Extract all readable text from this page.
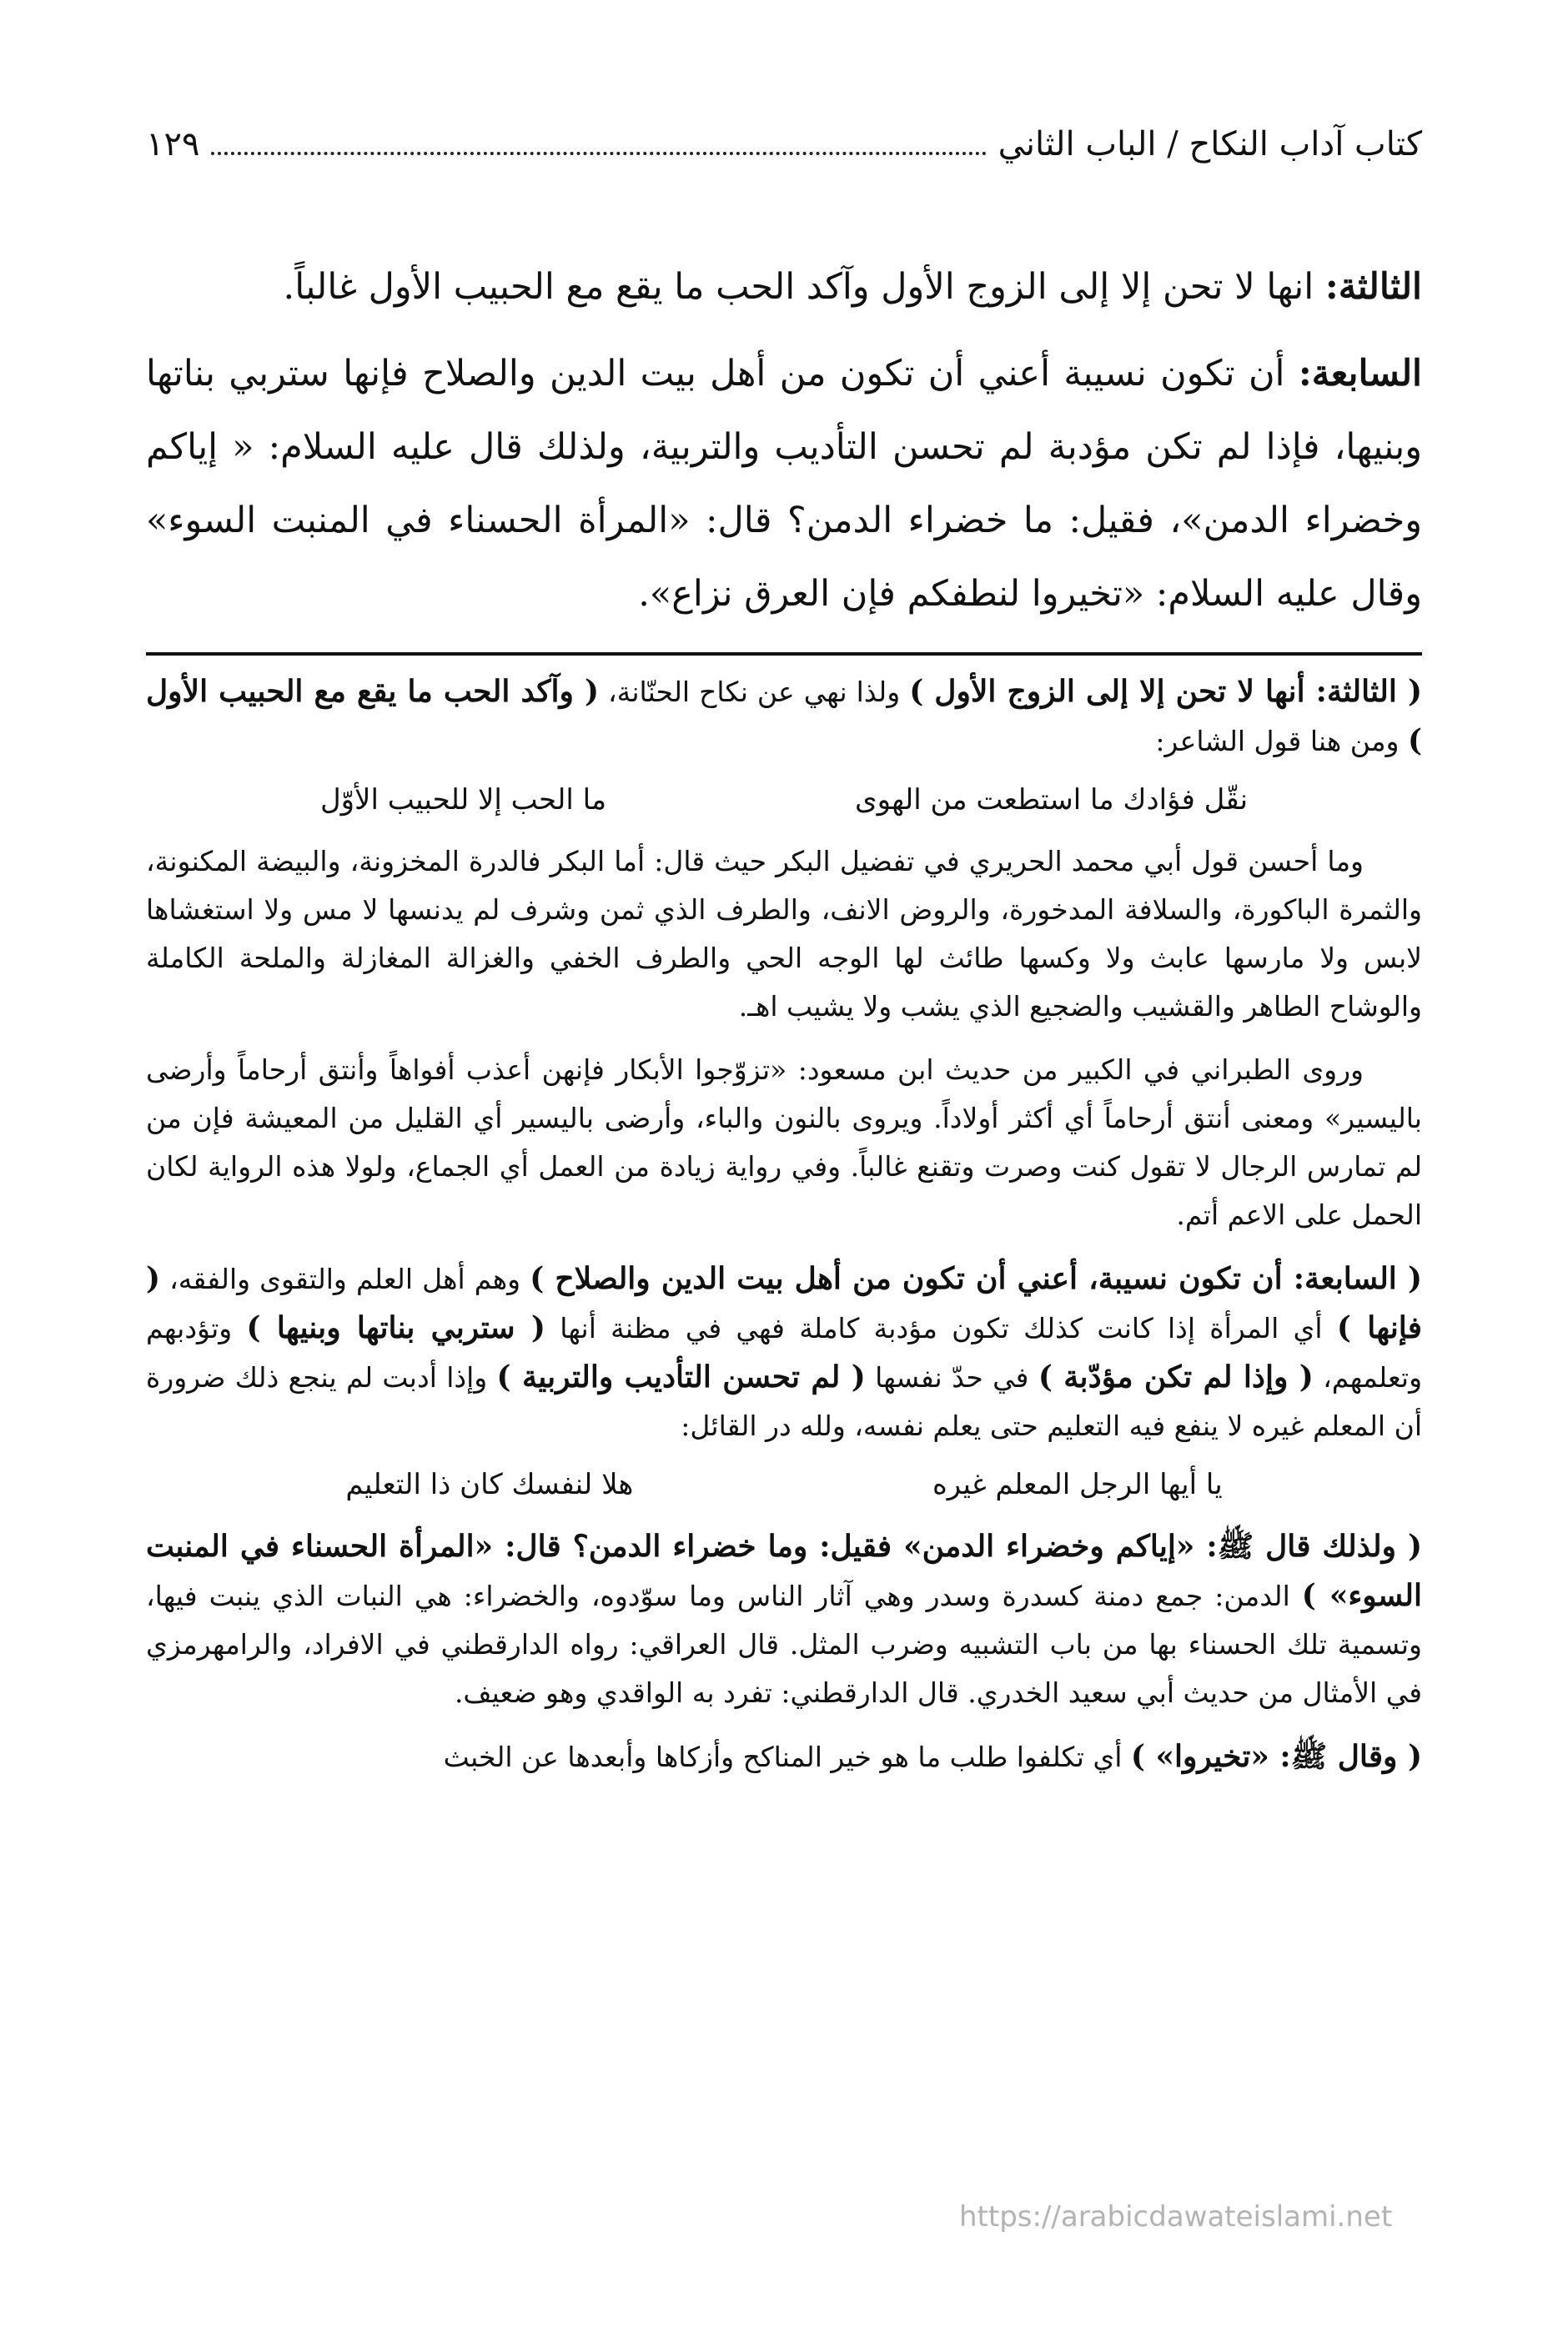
كتاب آداب النكاح / الباب الثاني
١٢٩

الثالثة: انها لا تحن إلا إلى الزوج الأول وآكد الحب ما يقع مع الحبيب الأول غالباً.

السابعة: أن تكون نسيبة أعني أن تكون من أهل بيت الدين والصلاح فإنها ستربي بناتها وبنيها، فإذا لم تكن مؤدبة لم تحسن التأديب والتربية، ولذلك قال عليه السلام: « إياكم وخضراء الدمن»، فقيل: ما خضراء الدمن؟ قال: «المرأة الحسناء في المنبت السوء» وقال عليه السلام: «تخيروا لنطفكم فإن العرق نزاع».

( الثالثة: أنها لا تحن إلا إلى الزوج الأول ) ولذا نهي عن نكاح الحنّانة، ( وآكد الحب ما يقع مع الحبيب الأول ) ومن هنا قول الشاعر:

نقّل فؤادك ما استطعت من الهوى
ما الحب إلا للحبيب الأوّل

وما أحسن قول أبي محمد الحريري في تفضيل البكر حيث قال: أما البكر فالدرة المخزونة، والبيضة المكنونة، والثمرة الباكورة، والسلافة المدخورة، والروض الانف، والطرف الذي ثمن وشرف لم يدنسها لا مس ولا استغشاها لابس ولا مارسها عابث ولا وكسها طائث لها الوجه الحي والطرف الخفي والغزالة المغازلة والملحة الكاملة والوشاح الطاهر والقشيب والضجيع الذي يشب ولا يشيب اهـ.

وروى الطبراني في الكبير من حديث ابن مسعود: «تزوّجوا الأبكار فإنهن أعذب أفواهاً وأنتق أرحاماً وأرضى باليسير» ومعنى أنتق أرحاماً أي أكثر أولاداً. ويروى بالنون والباء، وأرضى باليسير أي القليل من المعيشة فإن من لم تمارس الرجال لا تقول كنت وصرت وتقنع غالباً. وفي رواية زيادة من العمل أي الجماع، ولولا هذه الرواية لكان الحمل على الاعم أتم.

( السابعة: أن تكون نسيبة، أعني أن تكون من أهل بيت الدين والصلاح ) وهم أهل العلم والتقوى والفقه، ( فإنها ) أي المرأة إذا كانت كذلك تكون مؤدبة كاملة فهي في مظنة أنها ( ستربي بناتها وبنيها ) وتؤدبهم وتعلمهم، ( وإذا لم تكن مؤدّبة ) في حدّ نفسها ( لم تحسن التأديب والتربية ) وإذا أدبت لم ينجع ذلك ضرورة أن المعلم غيره لا ينفع فيه التعليم حتى يعلم نفسه، ولله در القائل:

يا أيها الرجل المعلم غيره
هلا لنفسك كان ذا التعليم

( ولذلك قال ﷺ: «إياكم وخضراء الدمن» فقيل: وما خضراء الدمن؟ قال: «المرأة الحسناء في المنبت السوء» ) الدمن: جمع دمنة كسدرة وسدر وهي آثار الناس وما سوّدوه، والخضراء: هي النبات الذي ينبت فيها، وتسمية تلك الحسناء بها من باب التشبيه وضرب المثل. قال العراقي: رواه الدارقطني في الافراد، والرامهرمزي في الأمثال من حديث أبي سعيد الخدري. قال الدارقطني: تفرد به الواقدي وهو ضعيف.

( وقال ﷺ: «تخيروا» ) أي تكلفوا طلب ما هو خير المناكح وأزكاها وأبعدها عن الخبث

https://arabicdawateislami.net
